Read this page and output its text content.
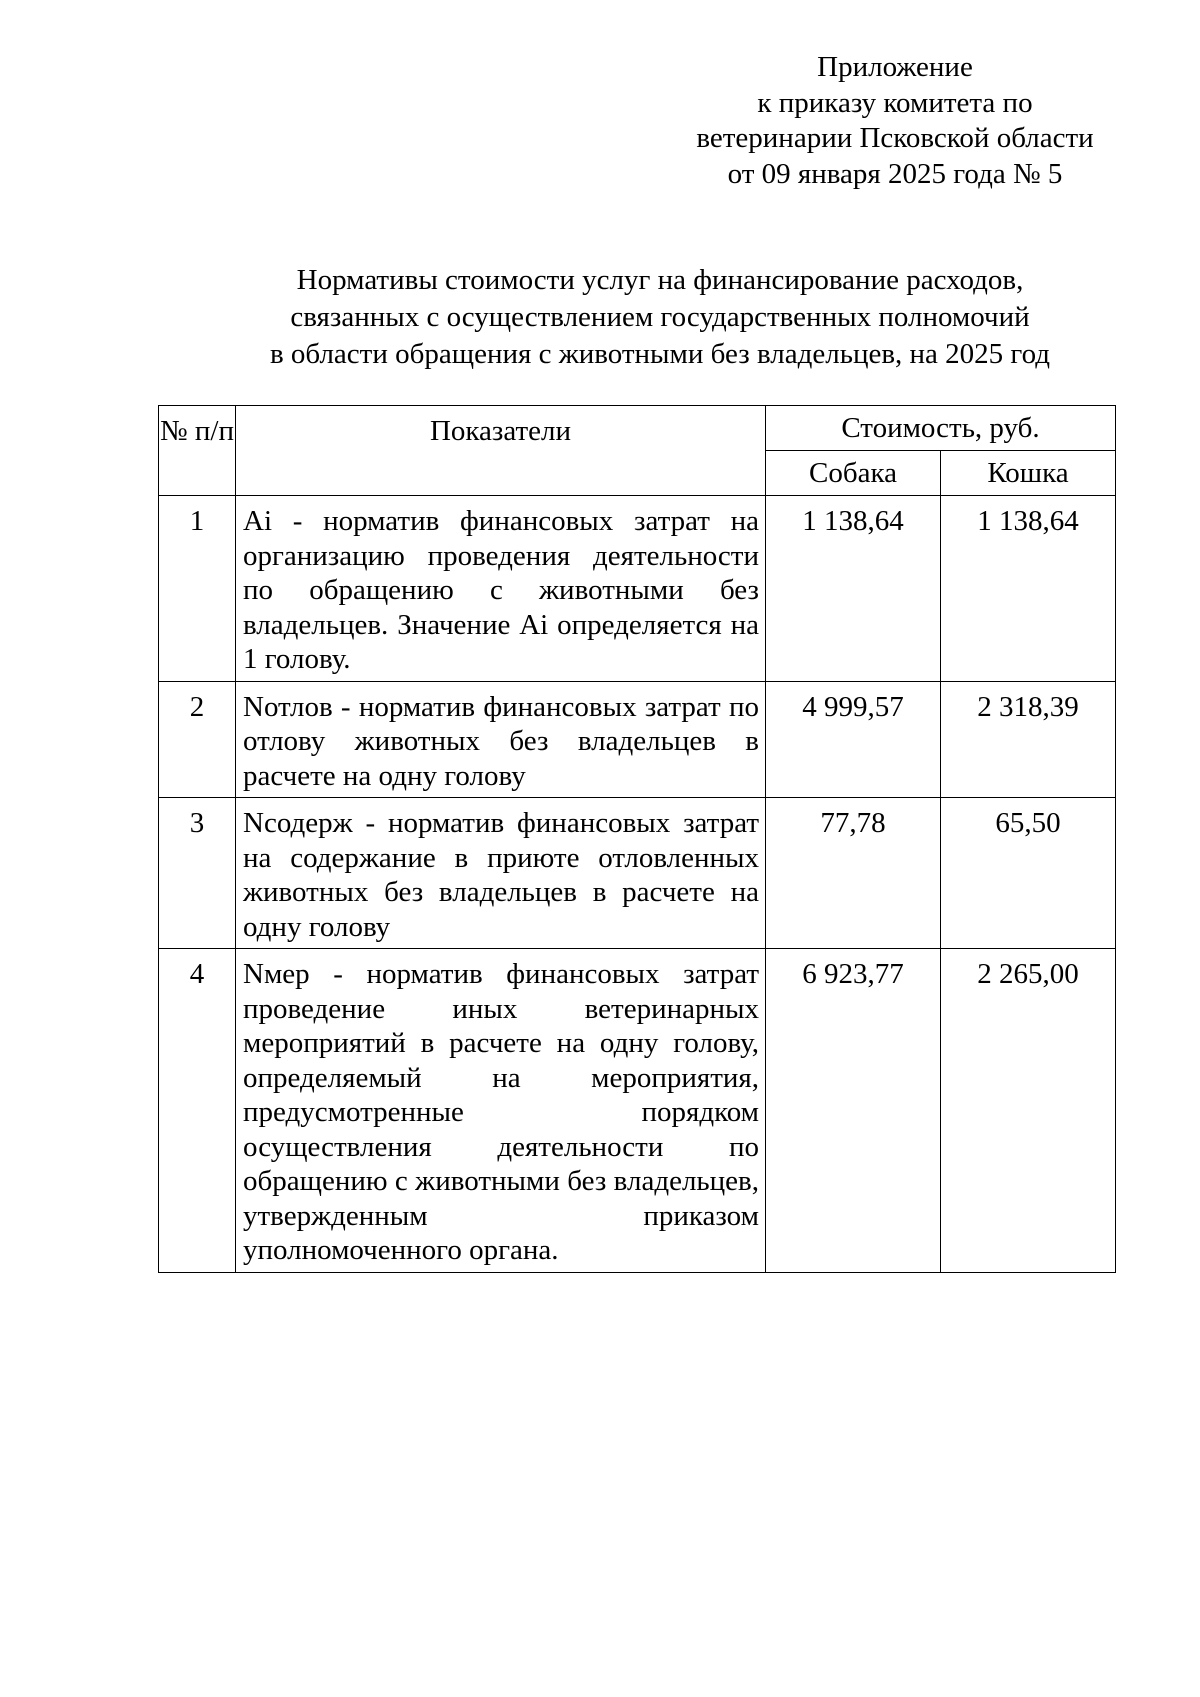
Приложение
к приказу комитета по
ветеринарии Псковской области
от 09 января 2025 года № 5
Нормативы стоимости услуг на финансирование расходов,
связанных с осуществлением государственных полномочий
в области обращения с животными без владельцев, на 2025 год
№ п/п	Показатели	Стоимость, руб.	
		Собака	Кошка
1	Ai - норматив финансовых затрат на организацию проведения деятельности по обращению с животными без владельцев. Значение Ai определяется на 1 голову.	1 138,64	1 138,64
2	Nотлов - норматив финансовых затрат по отлову животных без владельцев в расчете на одну голову	4 999,57	2 318,39
3	Nсодерж - норматив финансовых затрат на содержание в приюте отловленных животных без владельцев в расчете на одну голову	77,78	65,50
4	Nмер - норматив финансовых затрат проведение иных ветеринарных мероприятий в расчете на одну голову, определяемый на мероприятия, предусмотренные порядком осуществления деятельности по обращению с животными без владельцев, утвержденным приказом уполномоченного органа.	6 923,77	2 265,00
